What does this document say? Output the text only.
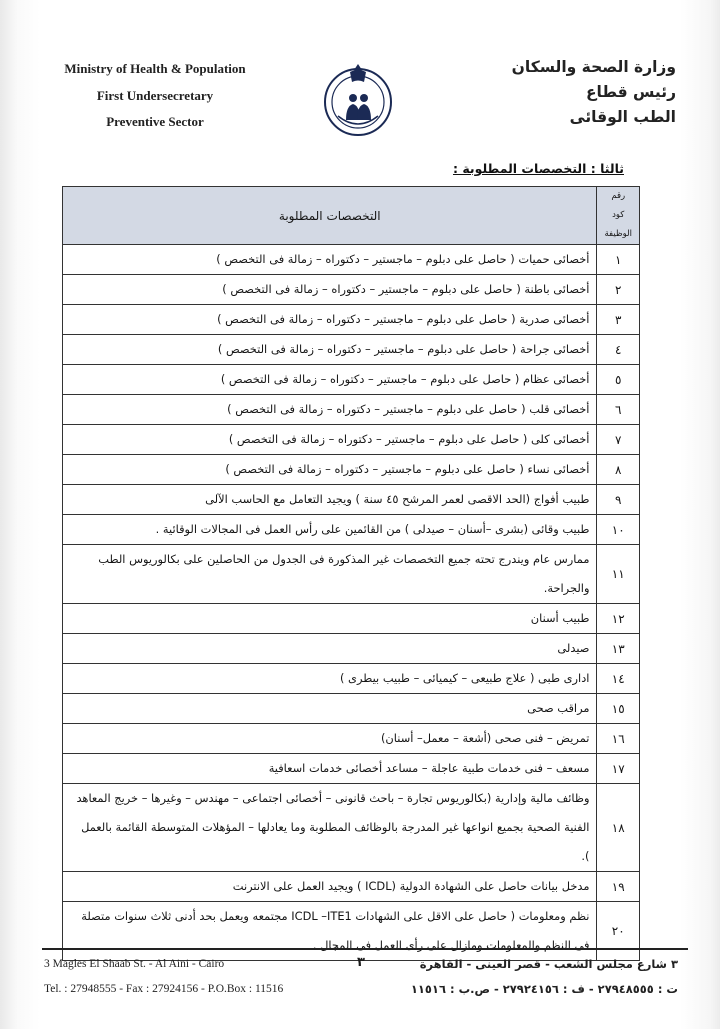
Ministry of Health & Population
First Undersecretary
Preventive Sector
وزارة الصحة والسكان
رئيس قطاع
الطب الوقائى
ثالثا : التخصصات المطلوبة :
رقم كود
الوظيفة	التخصصات المطلوبة
١	أخصائى حميات ( حاصل على دبلوم – ماجستير – دكتوراه – زمالة فى التخصص )
٢	أخصائى باطنة ( حاصل على دبلوم – ماجستير – دكتوراه – زمالة فى التخصص )
٣	أخصائى صدرية ( حاصل على دبلوم – ماجستير – دكتوراه – زمالة فى التخصص )
٤	أخصائى جراحة ( حاصل على دبلوم – ماجستير – دكتوراه – زمالة فى التخصص )
٥	أخصائى عظام ( حاصل على دبلوم – ماجستير – دكتوراه – زمالة فى التخصص )
٦	أخصائى قلب ( حاصل على دبلوم – ماجستير – دكتوراه – زمالة فى التخصص )
٧	أخصائى كلى ( حاصل على دبلوم – ماجستير – دكتوراه – زمالة فى التخصص )
٨	أخصائى نساء ( حاصل على دبلوم – ماجستير – دكتوراه – زمالة فى التخصص )
٩	طبيب أفواج (الحد الاقصى لعمر المرشح ٤٥ سنة ) ويجيد التعامل مع الحاسب الآلى
١٠	طبيب وقائى (بشرى –أسنان – صيدلى ) من القائمين على رأس العمل فى المجالات الوقائية .
١١	ممارس عام ويندرج تحته جميع التخصصات غير المذكورة فى الجدول من الحاصلين على بكالوريوس الطب والجراحة.
١٢	طبيب أسنان
١٣	صيدلى
١٤	ادارى طبى ( علاج طبيعى – كيميائى – طبيب بيطرى )
١٥	مراقب صحى
١٦	تمريض – فنى صحى (أشعة – معمل– أسنان)
١٧	مسعف – فنى خدمات طبية عاجلة – مساعد أخصائى خدمات اسعافية
١٨	وظائف مالية وإدارية (بكالوريوس تجارة – باحث قانونى – أخصائى اجتماعى – مهندس – وغيرها – خريج المعاهد الفنية الصحية بجميع انواعها غير المدرجة بالوظائف المطلوبة وما يعادلها – المؤهلات المتوسطة القائمة بالعمل ).
١٩	مدخل بيانات حاصل على الشهادة الدولية (ICDL ) ويجيد العمل على الانترنت
٢٠	نظم ومعلومات ( حاصل على الاقل على الشهادات ICDL –ITE1 مجتمعه ويعمل بحد أدنى ثلاث سنوات متصلة فى النظم والمعلومات ومازال على رأى العمل فى المجال .
3 Magles El Shaab St. - Al Aini - Cairo
Tel. : 27948555 - Fax : 27924156 - P.O.Box : 11516
٣	٣ شارع مجلس الشعب - قصر العينى - القاهرة
ت : ٢٧٩٤٨٥٥٥ - ف : ٢٧٩٢٤١٥٦ - ص.ب : ١١٥١٦
